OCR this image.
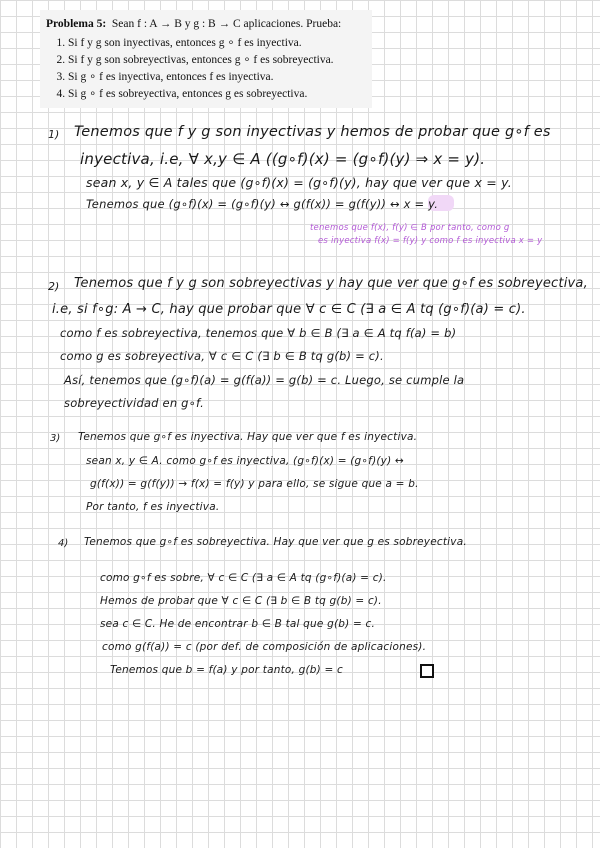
Problema 5: Sean f : A → B y g : B → C aplicaciones. Prueba:
1. Si f y g son inyectivas, entonces g ∘ f es inyectiva.
2. Si f y g son sobreyectivas, entonces g ∘ f es sobreyectiva.
3. Si g ∘ f es inyectiva, entonces f es inyectiva.
4. Si g ∘ f es sobreyectiva, entonces g es sobreyectiva.
1) Tenemos que f y g son inyectivas y hemos de probar que g∘f es
inyectiva, i.e, ∀ x,y ∈ A ((g∘f)(x) = (g∘f)(y) ⇒ x = y).
sean x, y ∈ A tales que (g∘f)(x) = (g∘f)(y), hay que ver que x = y.
Tenemos que (g∘f)(x) = (g∘f)(y) ↔ g(f(x)) = g(f(y)) ↔ x = y.
tenemos que f(x), f(y) ∈ B por tanto, como g
es inyectiva f(x) = f(y) y como f es inyectiva x = y
2) Tenemos que f y g son sobreyectivas y hay que ver que g∘f es sobreyectiva,
i.e, si f∘g: A → C, hay que probar que ∀ c ∈ C (∃ a ∈ A tq (g∘f)(a) = c).
como f es sobreyectiva, tenemos que ∀ b ∈ B (∃ a ∈ A tq f(a) = b)
como g es sobreyectiva, ∀ c ∈ C (∃ b ∈ B tq g(b) = c).
Así, tenemos que (g∘f)(a) = g(f(a)) = g(b) = c. Luego, se cumple la
sobreyectividad en g∘f.
3) Tenemos que g∘f es inyectiva. Hay que ver que f es inyectiva.
sean x, y ∈ A. como g∘f es inyectiva, (g∘f)(x) = (g∘f)(y) ↔
g(f(x)) = g(f(y)) → f(x) = f(y) y para ello, se sigue que a = b.
Por tanto, f es inyectiva.
4) Tenemos que g∘f es sobreyectiva. Hay que ver que g es sobreyectiva.
como g∘f es sobre, ∀ c ∈ C (∃ a ∈ A tq (g∘f)(a) = c).
Hemos de probar que ∀ c ∈ C (∃ b ∈ B tq g(b) = c).
sea c ∈ C. He de encontrar b ∈ B tal que g(b) = c.
como g(f(a)) = c (por def. de composición de aplicaciones).
Tenemos que b = f(a) y por tanto, g(b) = c
